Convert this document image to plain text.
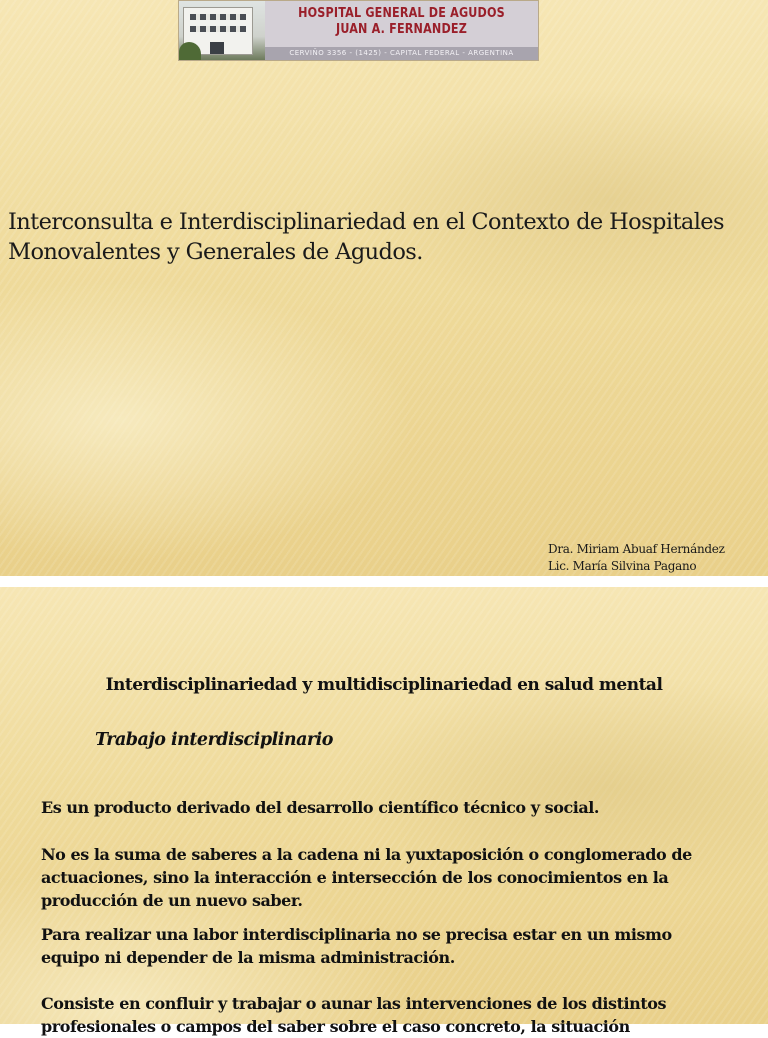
HOSPITAL GENERAL DE AGUDOS
JUAN A. FERNANDEZ
CERVIÑO 3356 - (1425) - CAPITAL FEDERAL - ARGENTINA
Interconsulta e Interdisciplinariedad en el Contexto de Hospitales Monovalentes y Generales de Agudos.
Dra. Miriam Abuaf Hernández
Lic. María Silvina Pagano
Interdisciplinariedad y multidisciplinariedad en salud mental
Trabajo interdisciplinario
Es un producto derivado del desarrollo científico técnico y social.
No es la suma de saberes a la cadena ni la yuxtaposición o conglomerado de actuaciones, sino la interacción e intersección de los conocimientos en la producción de un nuevo saber.
Para realizar una labor interdisciplinaria no se precisa estar en un mismo equipo ni depender de la misma administración.
Consiste en confluir y trabajar o aunar las intervenciones de los distintos profesionales o campos del saber sobre el caso concreto, la situación
